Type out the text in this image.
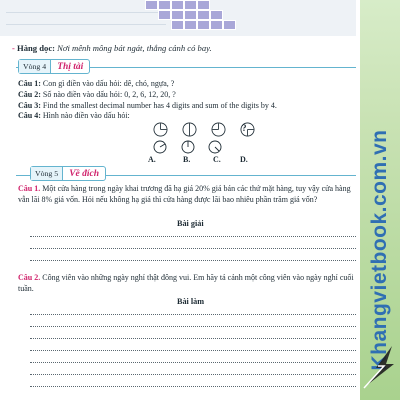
- Hàng dọc: Nơi mênh mông bát ngát, thắng cảnh có bay.
Vòng 4	Thị tài
Câu 1: Con gì điền vào dấu hỏi: dê, chó, ngựa, ?
Câu 2: Số nào điền vào dấu hỏi: 0, 2, 6, 12, 20, ?
Câu 3: Find the smallest decimal number has 4 digits and sum of the digits by 4.
Câu 4: Hình nào điền vào dấu hỏi:
?
A.	B.	C. D.
Vòng 5	Về đích
Câu 1. Một cửa hàng trong ngày khai trương đã hạ giá 20% giá bán các thứ mặt hàng, tuy vậy cửa hàng vẫn lãi 8% giá vốn. Hỏi nếu không hạ giá thì cửa hàng được lãi bao nhiêu phần trăm giá vốn?
Bài giải
Câu 2. Công viên vào những ngày nghỉ thật đông vui. Em hãy tả cảnh một công viên vào ngày nghỉ cuối tuần.
Bài làm	Khangvietbook.com.vn
